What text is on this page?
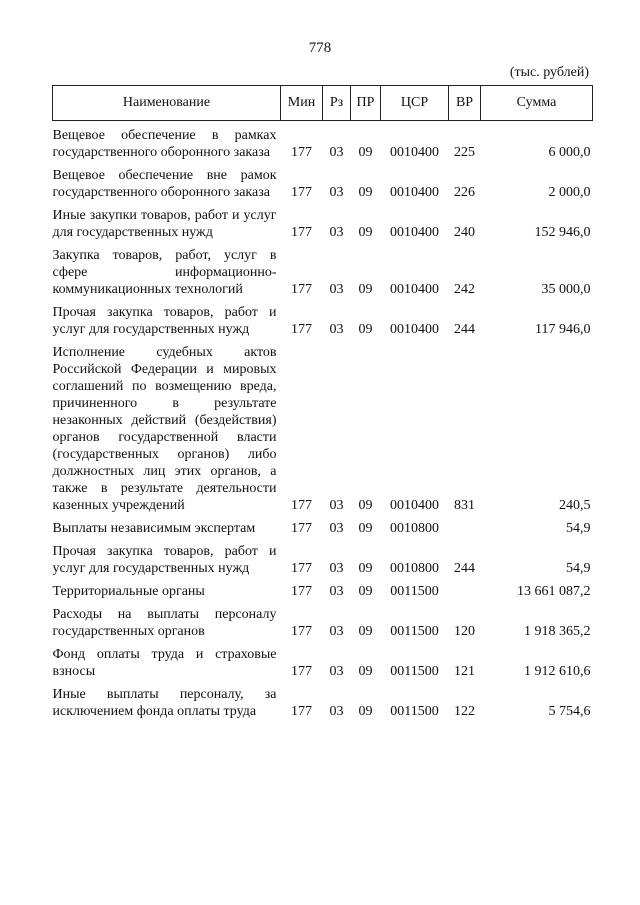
778
(тыс. рублей)
Наименование	Мин	Рз	ПР	ЦСР	ВР	Сумма
Вещевое обеспечение в рамках государственного оборонного заказа	177	03	09	0010400	225	6 000,0
Вещевое обеспечение вне рамок государственного оборонного заказа	177	03	09	0010400	226	2 000,0
Иные закупки товаров, работ и услуг для государственных нужд	177	03	09	0010400	240	152 946,0
Закупка товаров, работ, услуг в сфере информационно-коммуникационных технологий	177	03	09	0010400	242	35 000,0
Прочая закупка товаров, работ и услуг для государственных нужд	177	03	09	0010400	244	117 946,0
Исполнение судебных актов Российской Федерации и мировых соглашений по возмещению вреда, причиненного в результате незаконных действий (бездействия) органов государственной власти (государственных органов) либо должностных лиц этих органов, а также в результате деятельности казенных учреждений	177	03	09	0010400	831	240,5
Выплаты независимым экспертам	177	03	09	0010800		54,9
Прочая закупка товаров, работ и услуг для государственных нужд	177	03	09	0010800	244	54,9
Территориальные органы	177	03	09	0011500		13 661 087,2
Расходы на выплаты персоналу государственных органов	177	03	09	0011500	120	1 918 365,2
Фонд оплаты труда и страховые взносы	177	03	09	0011500	121	1 912 610,6
Иные выплаты персоналу, за исключением фонда оплаты труда	177	03	09	0011500	122	5 754,6
